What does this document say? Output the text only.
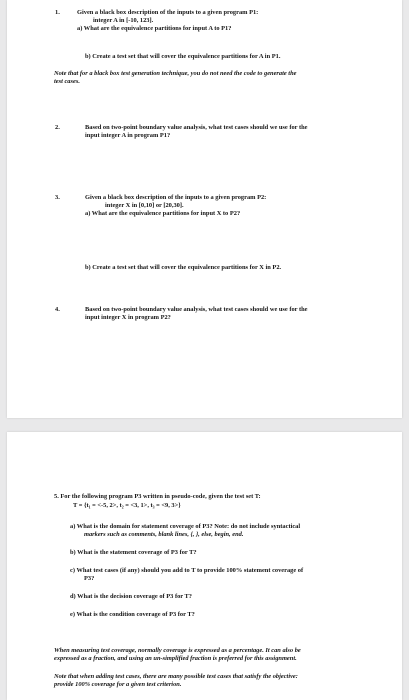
1.	Given a black box description of the inputs to a given program P1:
integer A in [-10, 123].
a) What are the equivalence partitions for input A to P1?
b) Create a test set that will cover the equivalence partitions for A in P1.
Note that for a black box test generation technique, you do not need the code to generate the
test cases.
2.	Based on two-point boundary value analysis, what test cases should we use for the
input integer A in program P1?
3.	Given a black box description of the inputs to a given program P2:
integer X in [0,10] or [20,30].
a) What are the equivalence partitions for input X to P2?
b) Create a test set that will cover the equivalence partitions for X in P2.
4.	Based on two-point boundary value analysis, what test cases should we use for the
input integer X in program P2?
5. For the following program P3 written in pseudo-code, given the test set T:
T = {t₁ = <-5, 2>, t₂ = <3, 1>, t₃ = <9, 3>}
a) What is the domain for statement coverage of P3? Note: do not include syntactical
markers such as comments, blank lines, {, }, else, begin, end.
b) What is the statement coverage of P3 for T?
c) What test cases (if any) should you add to T to provide 100% statement coverage of
P3?
d) What is the decision coverage of P3 for T?
e) What is the condition coverage of P3 for T?
When measuring test coverage, normally coverage is expressed as a percentage. It can also be
expressed as a fraction, and using an un-simplified fraction is preferred for this assignment.
Note that when adding test cases, there are many possible test cases that satisfy the objective:
provide 100% coverage for a given test criterion.
